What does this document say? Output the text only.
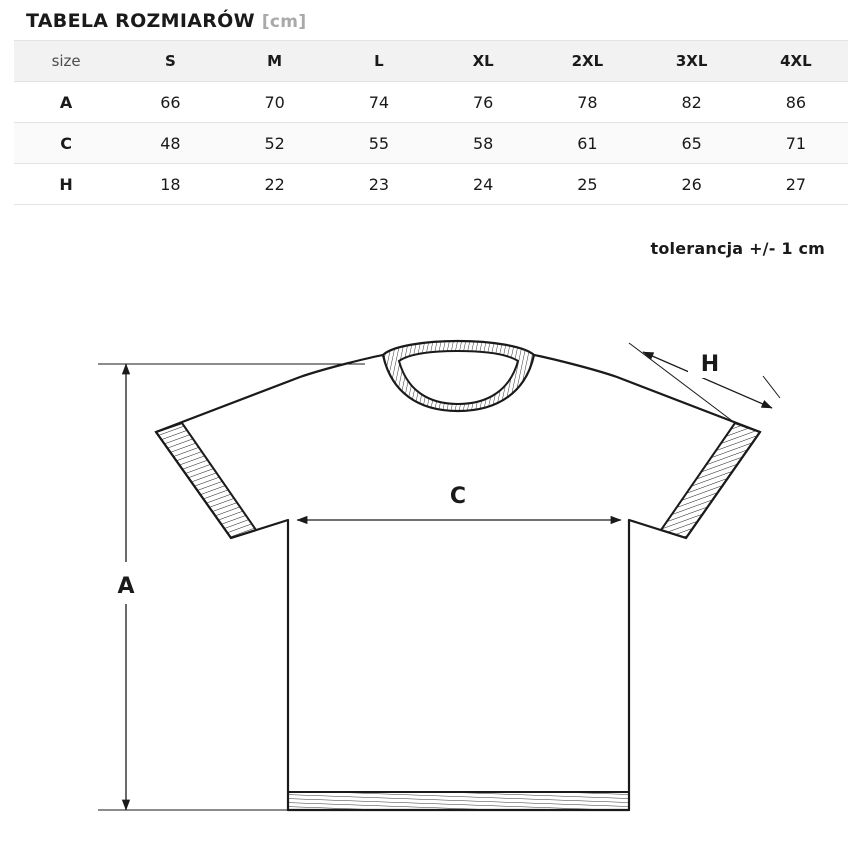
TABELA ROZMIARÓW [cm]
size	S	M	L	XL	2XL	3XL	4XL
A	66	70	74	76	78	82	86
C	48	52	55	58	61	65	71
H	18	22	23	24	25	26	27
tolerancja +/- 1 cm
A
C
H
